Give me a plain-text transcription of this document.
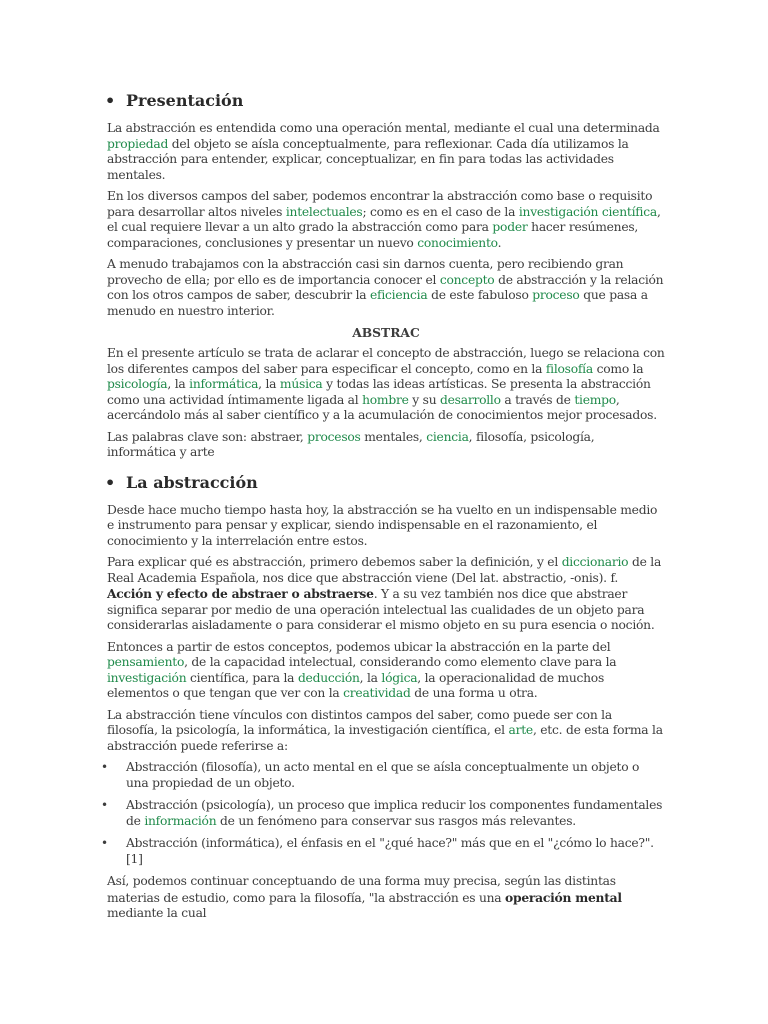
• Presentación

La abstracción es entendida como una operación mental, mediante el cual una determinada propiedad del objeto se aísla conceptualmente, para reflexionar. Cada día utilizamos la abstracción para entender, explicar, conceptualizar, en fin para todas las actividades mentales.

En los diversos campos del saber, podemos encontrar la abstracción como base o requisito para desarrollar altos niveles intelectuales; como es en el caso de la investigación científica, el cual requiere llevar a un alto grado la abstracción como para poder hacer resúmenes, comparaciones, conclusiones y presentar un nuevo conocimiento.

A menudo trabajamos con la abstracción casi sin darnos cuenta, pero recibiendo gran provecho de ella; por ello es de importancia conocer el concepto de abstracción y la relación con los otros campos de saber, descubrir la eficiencia de este fabuloso proceso que pasa a menudo en nuestro interior.

ABSTRAC

En el presente artículo se trata de aclarar el concepto de abstracción, luego se relaciona con los diferentes campos del saber para especificar el concepto, como en la filosofía como la psicología, la informática, la música y todas las ideas artísticas. Se presenta la abstracción como una actividad íntimamente ligada al hombre y su desarrollo a través de tiempo, acercándolo más al saber científico y a la acumulación de conocimientos mejor procesados.

Las palabras clave son: abstraer, procesos mentales, ciencia, filosofía, psicología, informática y arte

• La abstracción

Desde hace mucho tiempo hasta hoy, la abstracción se ha vuelto en un indispensable medio e instrumento para pensar y explicar, siendo indispensable en el razonamiento, el conocimiento y la interrelación entre estos.

Para explicar qué es abstracción, primero debemos saber la definición, y el diccionario de la Real Academia Española, nos dice que abstracción viene (Del lat. abstractio, -onis). f. Acción y efecto de abstraer o abstraerse. Y a su vez también nos dice que abstraer significa separar por medio de una operación intelectual las cualidades de un objeto para considerarlas aisladamente o para considerar el mismo objeto en su pura esencia o noción.

Entonces a partir de estos conceptos, podemos ubicar la abstracción en la parte del pensamiento, de la capacidad intelectual, considerando como elemento clave para la investigación científica, para la deducción, la lógica, la operacionalidad de muchos elementos o que tengan que ver con la creatividad de una forma u otra.

La abstracción tiene vínculos con distintos campos del saber, como puede ser con la filosofía, la psicología, la informática, la investigación científica, el arte, etc. de esta forma la abstracción puede referirse a:

• Abstracción (filosofía), un acto mental en el que se aísla conceptualmente un objeto o una propiedad de un objeto.
• Abstracción (psicología), un proceso que implica reducir los componentes fundamentales de información de un fenómeno para conservar sus rasgos más relevantes.
• Abstracción (informática), el énfasis en el "¿qué hace?" más que en el "¿cómo lo hace?".[1]

Así, podemos continuar conceptuando de una forma muy precisa, según las distintas materias de estudio, como para la filosofía, "la abstracción es una operación mental mediante la cual
